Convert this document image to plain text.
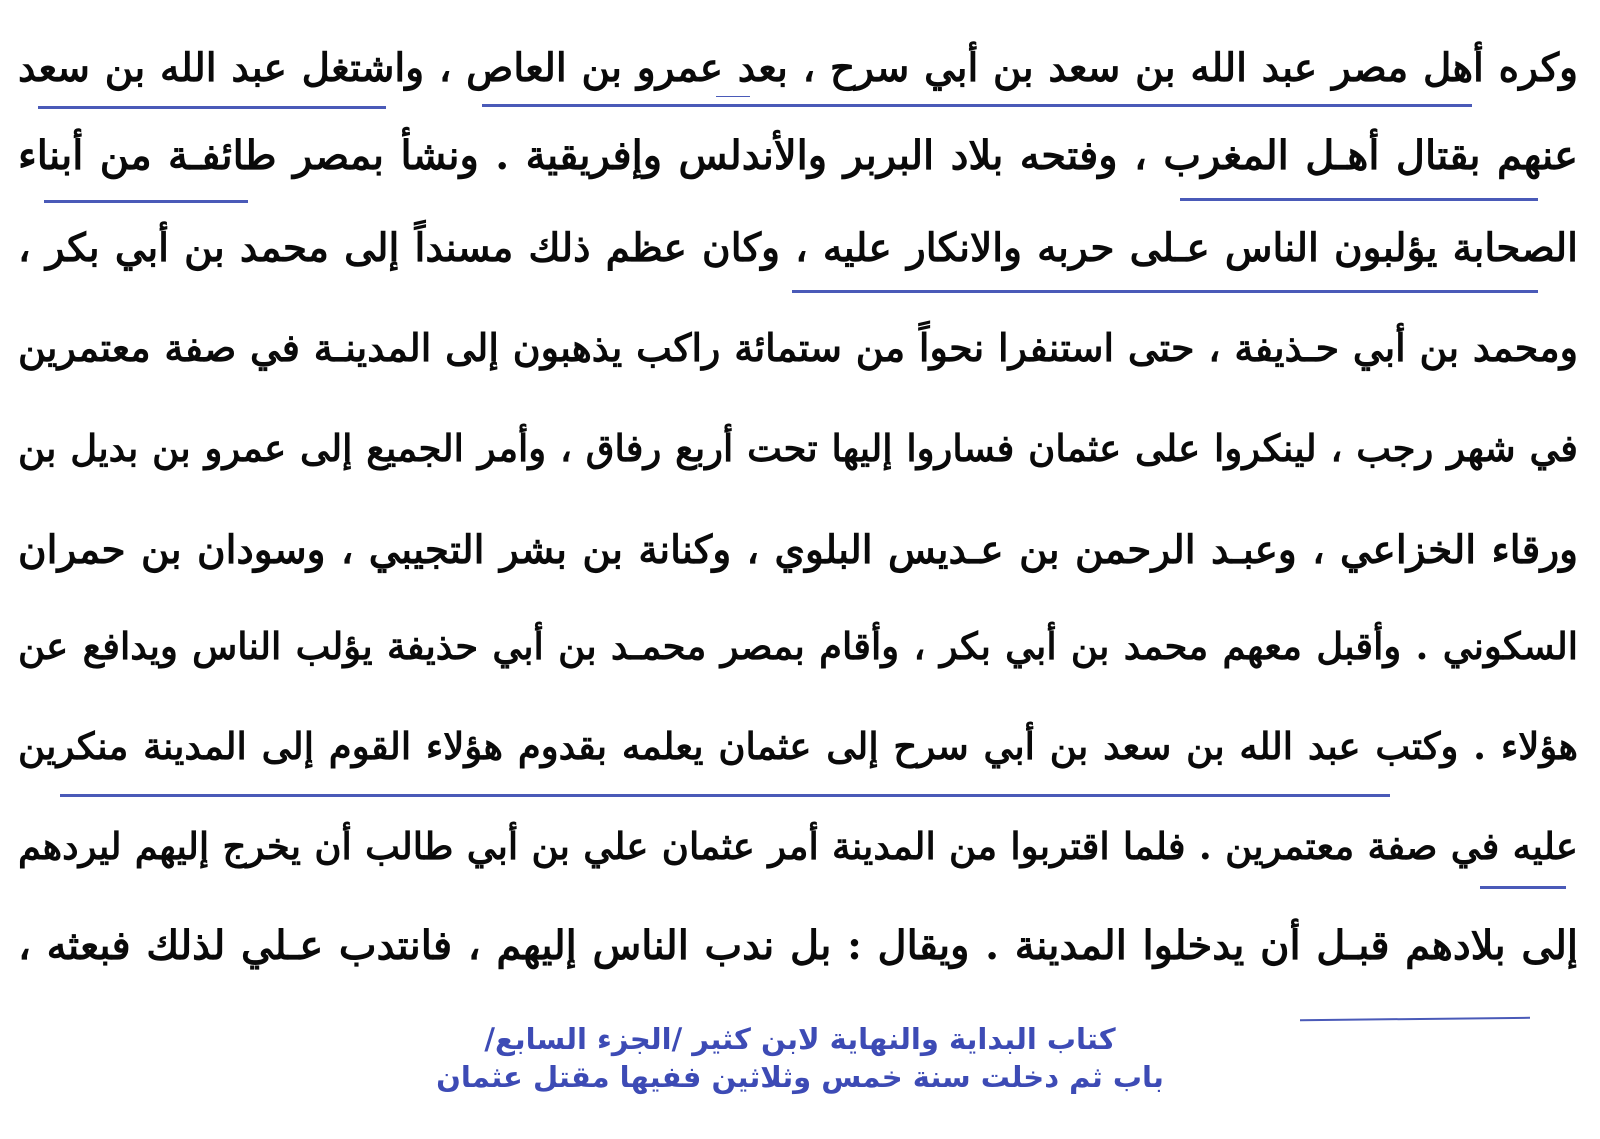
وكره أهل مصر عبد الله بن سعد بن أبي سرح ، بعد عمرو بن العاص ، واشتغل عبد الله بن سعد
عنهم بقتال أهـل المغرب ، وفتحه بلاد البربر والأندلس وإفريقية . ونشأ بمصر طائفـة من أبناء
الصحابة يؤلبون الناس عـلى حربه والانكار عليه ، وكان عظم ذلك مسنداً إلى محمد بن أبي بكر ،
ومحمد بن أبي حـذيفة ، حتى استنفرا نحواً من ستمائة راكب يذهبون إلى المدينـة في صفة معتمرين
في شهر رجب ، لينكروا على عثمان فساروا إليها تحت أربع رفاق ، وأمر الجميع إلى عمرو بن بديل بن
ورقاء الخزاعي ، وعبـد الرحمن بن عـديس البلوي ، وكنانة بن بشر التجيبي ، وسودان بن حمران
السكوني . وأقبل معهم محمد بن أبي بكر ، وأقام بمصر محمـد بن أبي حذيفة يؤلب الناس ويدافع عن
هؤلاء . وكتب عبد الله بن سعد بن أبي سرح إلى عثمان يعلمه بقدوم هؤلاء القوم إلى المدينة منكرين
عليه في صفة معتمرين . فلما اقتربوا من المدينة أمر عثمان علي بن أبي طالب أن يخرج إليهم ليردهم
إلى بلادهم قبـل أن يدخلوا المدينة . ويقال : بل ندب الناس إليهم ، فانتدب عـلي لذلك فبعثه ،
كتاب البداية والنهاية لابن كثير /الجزء السابع/
باب ثم دخلت سنة خمس وثلاثين ففيها مقتل عثمان
